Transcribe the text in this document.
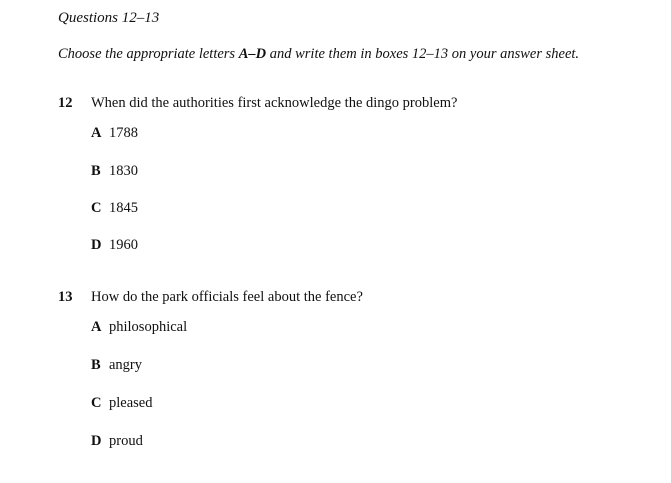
Questions 12–13

Choose the appropriate letters A–D and write them in boxes 12–13 on your answer sheet.

12 When did the authorities first acknowledge the dingo problem?
A 1788
B 1830
C 1845
D 1960
13 How do the park officials feel about the fence?
A philosophical
B angry
C pleased
D proud
